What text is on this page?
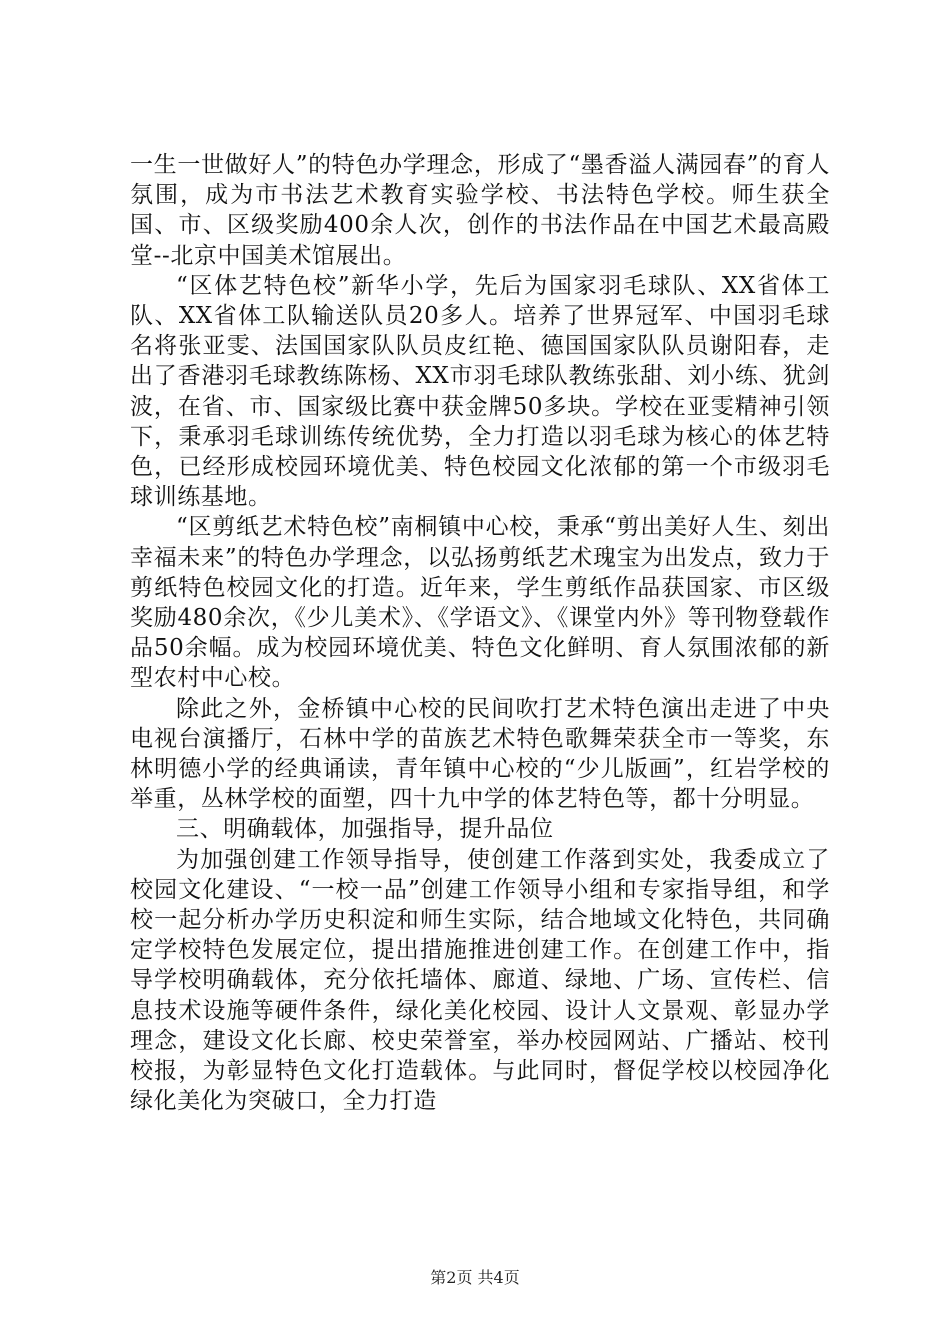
一生一世做好人”的特色办学理念，形成了“墨香溢人满园春”的育人氛围，成为市书法艺术教育实验学校、书法特色学校。师生获全国、市、区级奖励400余人次，创作的书法作品在中国艺术最高殿堂--北京中国美术馆展出。

“区体艺特色校”新华小学，先后为国家羽毛球队、XX省体工队、XX省体工队输送队员20多人。培养了世界冠军、中国羽毛球名将张亚雯、法国国家队队员皮红艳、德国国家队队员谢阳春，走出了香港羽毛球教练陈杨、XX市羽毛球队教练张甜、刘小练、犹剑波，在省、市、国家级比赛中获金牌50多块。学校在亚雯精神引领下，秉承羽毛球训练传统优势，全力打造以羽毛球为核心的体艺特色，已经形成校园环境优美、特色校园文化浓郁的第一个市级羽毛球训练基地。

“区剪纸艺术特色校”南桐镇中心校，秉承“剪出美好人生、刻出幸福未来”的特色办学理念，以弘扬剪纸艺术瑰宝为出发点，致力于剪纸特色校园文化的打造。近年来，学生剪纸作品获国家、市区级奖励480余次，《少儿美术》、《学语文》、《课堂内外》等刊物登载作品50余幅。成为校园环境优美、特色文化鲜明、育人氛围浓郁的新型农村中心校。

除此之外，金桥镇中心校的民间吹打艺术特色演出走进了中央电视台演播厅，石林中学的苗族艺术特色歌舞荣获全市一等奖，东林明德小学的经典诵读，青年镇中心校的“少儿版画”，红岩学校的举重，丛林学校的面塑，四十九中学的体艺特色等，都十分明显。

三、明确载体，加强指导，提升品位

为加强创建工作领导指导，使创建工作落到实处，我委成立了校园文化建设、“一校一品”创建工作领导小组和专家指导组，和学校一起分析办学历史积淀和师生实际，结合地域文化特色，共同确定学校特色发展定位，提出措施推进创建工作。在创建工作中，指导学校明确载体，充分依托墙体、廊道、绿地、广场、宣传栏、信息技术设施等硬件条件，绿化美化校园、设计人文景观、彰显办学理念，建设文化长廊、校史荣誉室，举办校园网站、广播站、校刊校报，为彰显特色文化打造载体。与此同时，督促学校以校园净化绿化美化为突破口，全力打造

第2页 共4页
